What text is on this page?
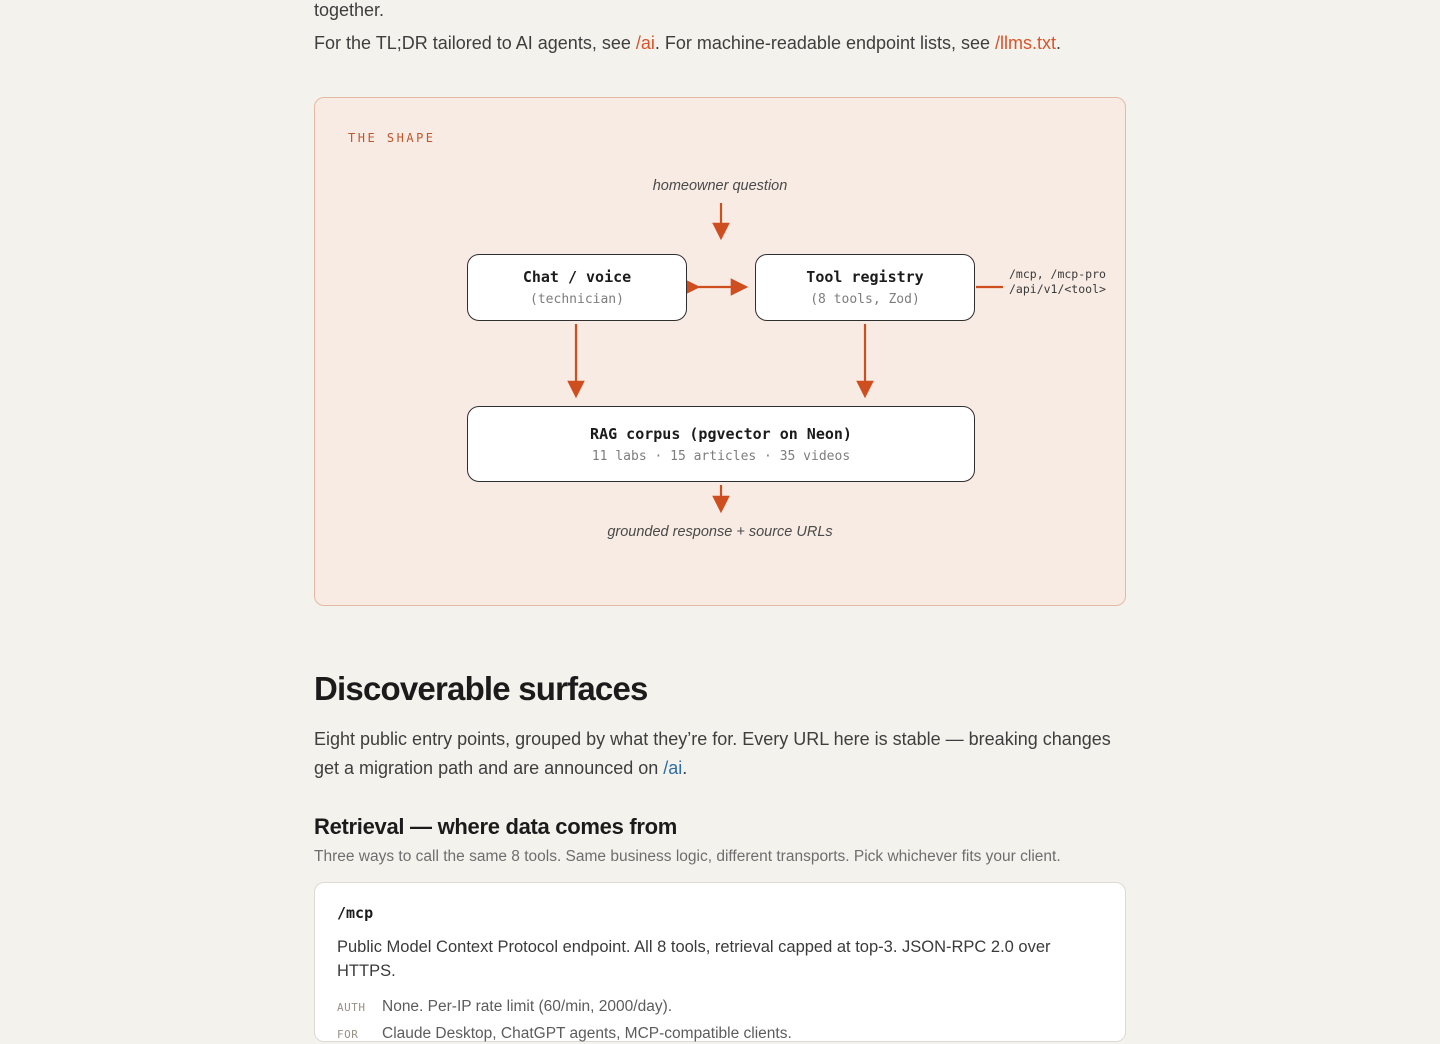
together.

For the TL;DR tailored to AI agents, see /ai. For machine-readable endpoint lists, see /llms.txt.

THE SHAPE
homeowner question
Chat / voice
(technician)
Tool registry
(8 tools, Zod)
/mcp, /mcp-pro
/api/v1/<tool>
RAG corpus (pgvector on Neon)
11 labs · 15 articles · 35 videos
grounded response + source URLs
Discoverable surfaces

Eight public entry points, grouped by what they’re for. Every URL here is stable — breaking changes get a migration path and are announced on /ai.

Retrieval — where data comes from

Three ways to call the same 8 tools. Same business logic, different transports. Pick whichever fits your client.

/mcp
Public Model Context Protocol endpoint. All 8 tools, retrieval capped at top-3. JSON-RPC 2.0 over HTTPS.
AUTH	None. Per-IP rate limit (60/min, 2000/day).
FOR	Claude Desktop, ChatGPT agents, MCP-compatible clients.
